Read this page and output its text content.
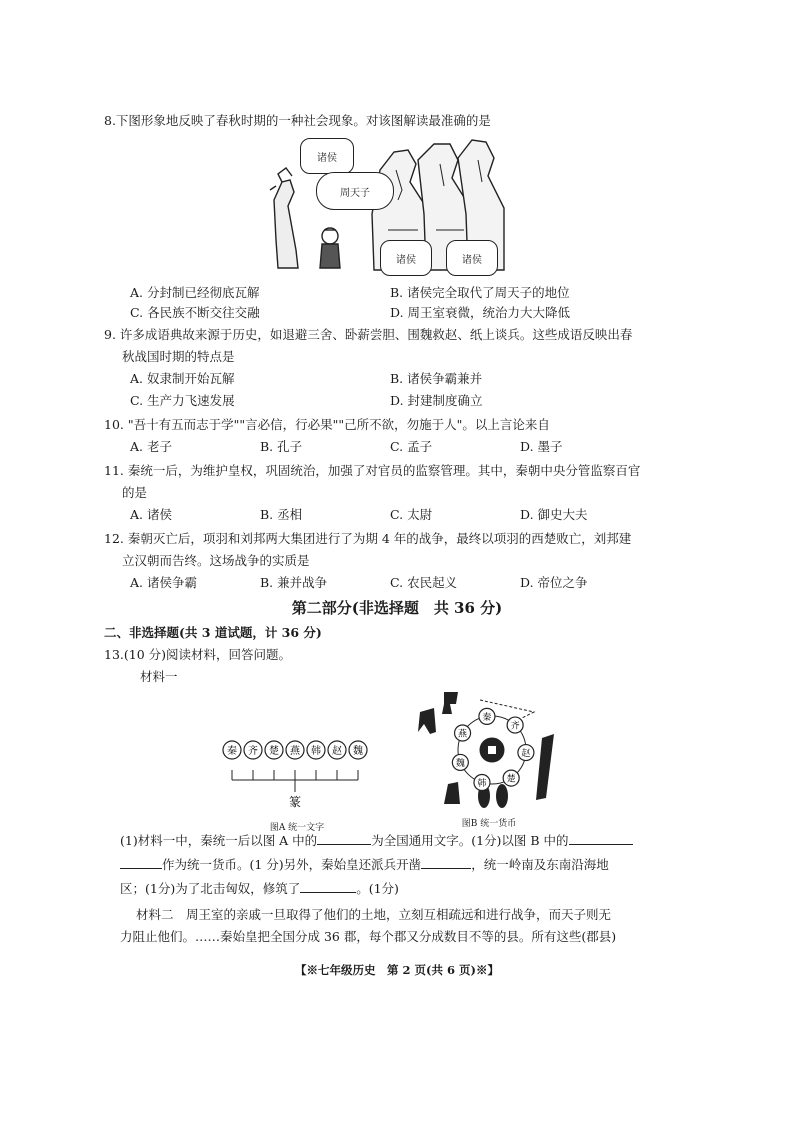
8.下图形象地反映了春秋时期的一种社会现象。对该图解读最准确的是
诸侯
周天子
诸侯	诸侯
A. 分封制已经彻底瓦解	B. 诸侯完全取代了周天子的地位
C. 各民族不断交往交融	D. 周王室衰微，统治力大大降低
9. 许多成语典故来源于历史，如退避三舍、卧薪尝胆、围魏救赵、纸上谈兵。这些成语反映出春
秋战国时期的特点是
A. 奴隶制开始瓦解	B. 诸侯争霸兼并
C. 生产力飞速发展	D. 封建制度确立
10. "吾十有五而志于学""言必信，行必果""己所不欲，勿施于人"。以上言论来自
A. 老子	B. 孔子	C. 孟子	D. 墨子
11. 秦统一后，为维护皇权，巩固统治，加强了对官员的监察管理。其中，秦朝中央分管监察百官
的是
A. 诸侯	B. 丞相	C. 太尉	D. 御史大夫
12. 秦朝灭亡后，项羽和刘邦两大集团进行了为期 4 年的战争，最终以项羽的西楚败亡，刘邦建
立汉朝而告终。这场战争的实质是
A. 诸侯争霸	B. 兼并战争	C. 农民起义	D. 帝位之争
第二部分(非选择题　共 36 分)
二、非选择题(共 3 道试题，计 36 分)
13.(10 分)阅读材料，回答问题。
材料一
秦 齐 楚 燕 韩 赵 魏
篆
图A 统一文字
燕
秦
齐
赵
楚
韩
魏
图B 统一货币
(1)材料一中，秦统一后以图 A 中的	为全国通用文字。(1分)以图 B 中的
作为统一货币。(1 分)另外，秦始皇还派兵开凿	，统一岭南及东南沿海地
区；(1分)为了北击匈奴，修筑了	。(1分)
材料二　周王室的亲戚一旦取得了他们的土地，立刻互相疏远和进行战争，而天子则无
力阻止他们。……秦始皇把全国分成 36 郡，每个郡又分成数目不等的县。所有这些(郡县)
【※七年级历史　第 2 页(共 6 页)※】
